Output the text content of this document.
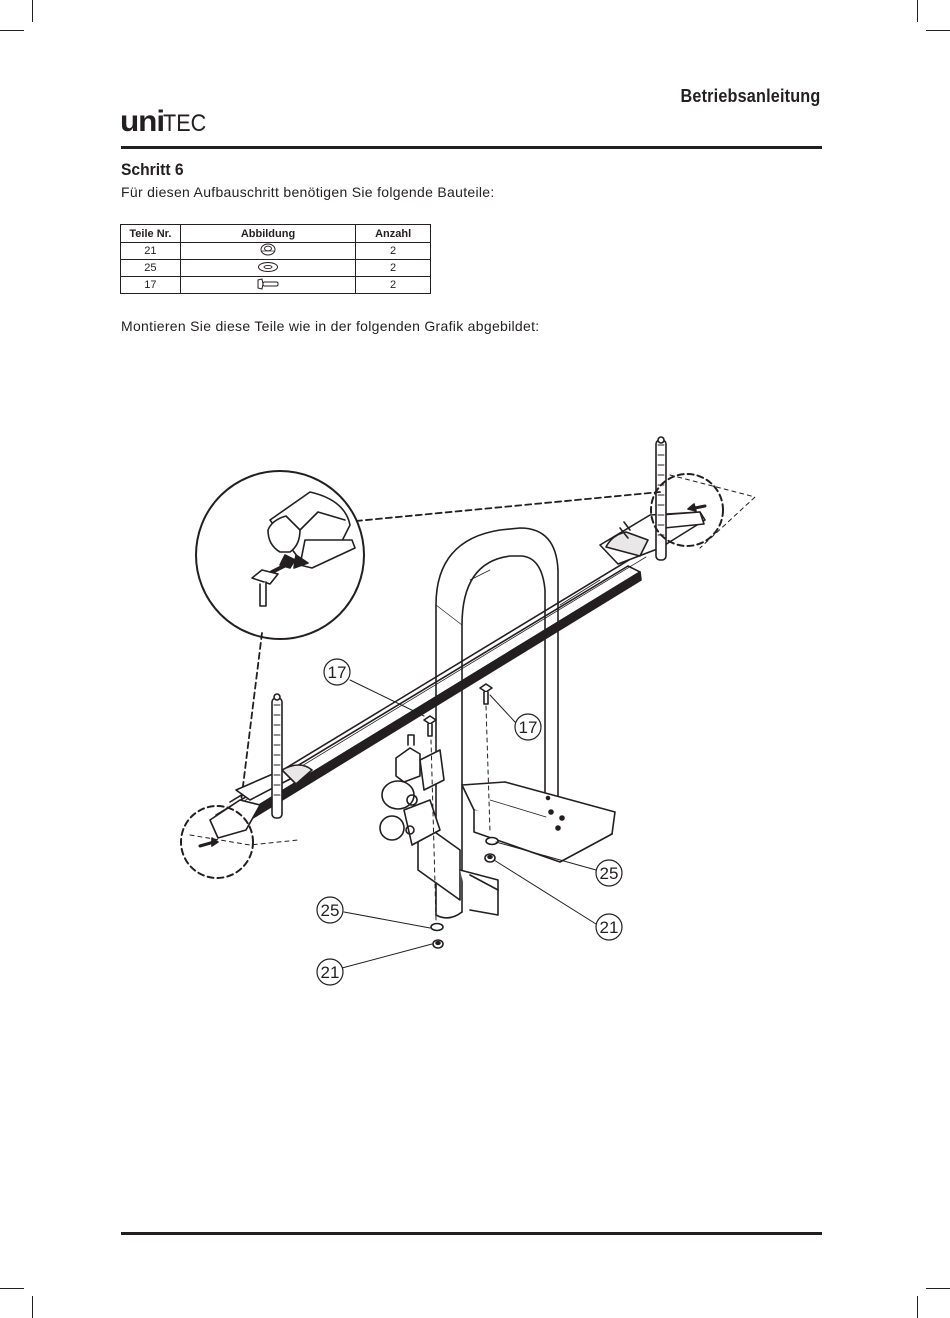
Betriebsanleitung
uniTEC
Schritt 6
Für diesen Aufbauschritt benötigen Sie folgende Bauteile:
Teile Nr.	Abbildung	Anzahl
21		2
25		2
17		2
Montieren Sie diese Teile wie in der folgenden Grafik abgebildet:
17
17
25
21
25
21
